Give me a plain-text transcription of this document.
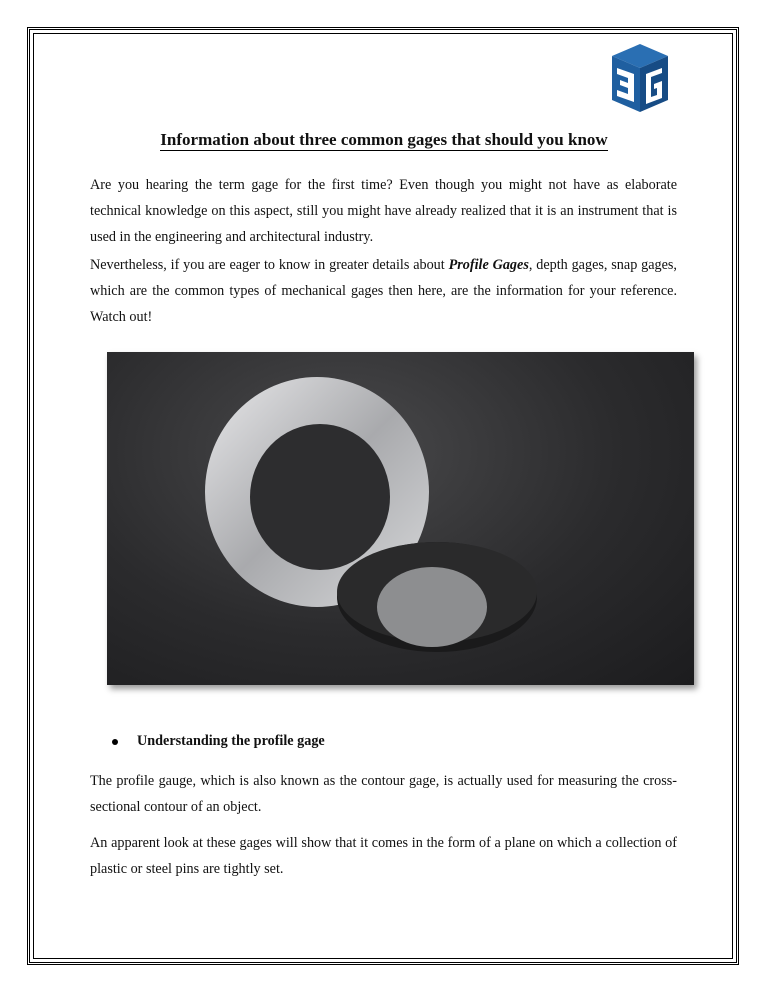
Information about three common gages that should you know
Are you hearing the term gage for the first time? Even though you might not have as elaborate technical knowledge on this aspect, still you might have already realized that it is an instrument that is used in the engineering and architectural industry.
Nevertheless, if you are eager to know in greater details about Profile Gages, depth gages, snap gages, which are the common types of mechanical gages then here, are the information for your reference. Watch out!
Understanding the profile gage
The profile gauge, which is also known as the contour gage, is actually used for measuring the cross-sectional contour of an object.
An apparent look at these gages will show that it comes in the form of a plane on which a collection of plastic or steel pins are tightly set.
